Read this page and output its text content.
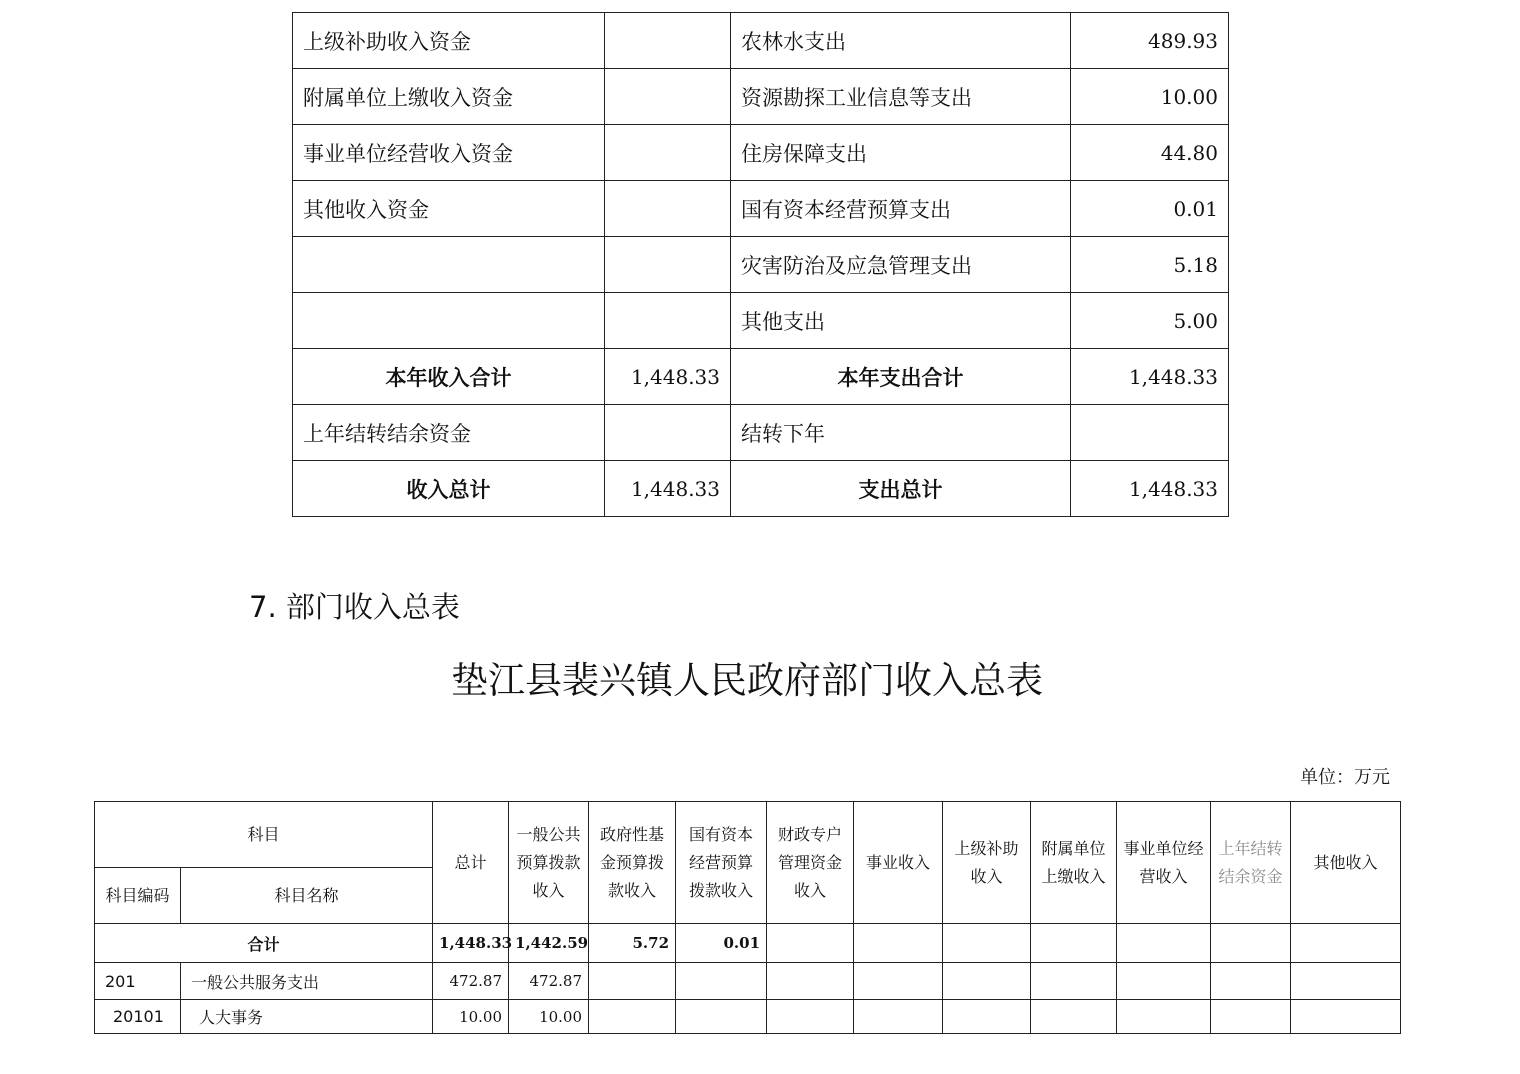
上级补助收入资金		农林水支出	489.93
附属单位上缴收入资金		资源勘探工业信息等支出	10.00
事业单位经营收入资金		住房保障支出	44.80
其他收入资金		国有资本经营预算支出	0.01
		灾害防治及应急管理支出	5.18
		其他支出	5.00
本年收入合计	1,448.33	本年支出合计	1,448.33
上年结转结余资金		结转下年	
收入总计	1,448.33	支出总计	1,448.33
7. 部门收入总表
垫江县裴兴镇人民政府部门收入总表
单位：万元
科目		总计	一般公共预算拨款收入	政府性基金预算拨款收入	国有资本经营预算拨款收入	财政专户管理资金收入	事业收入	上级补助收入	附属单位上缴收入	事业单位经营收入	上年结转结余资金	其他收入
科目编码	科目名称											
合计		1,448.33	1,442.59	5.72	0.01							
201	一般公共服务支出	472.87	472.87									
20101	人大事务	10.00	10.00									
